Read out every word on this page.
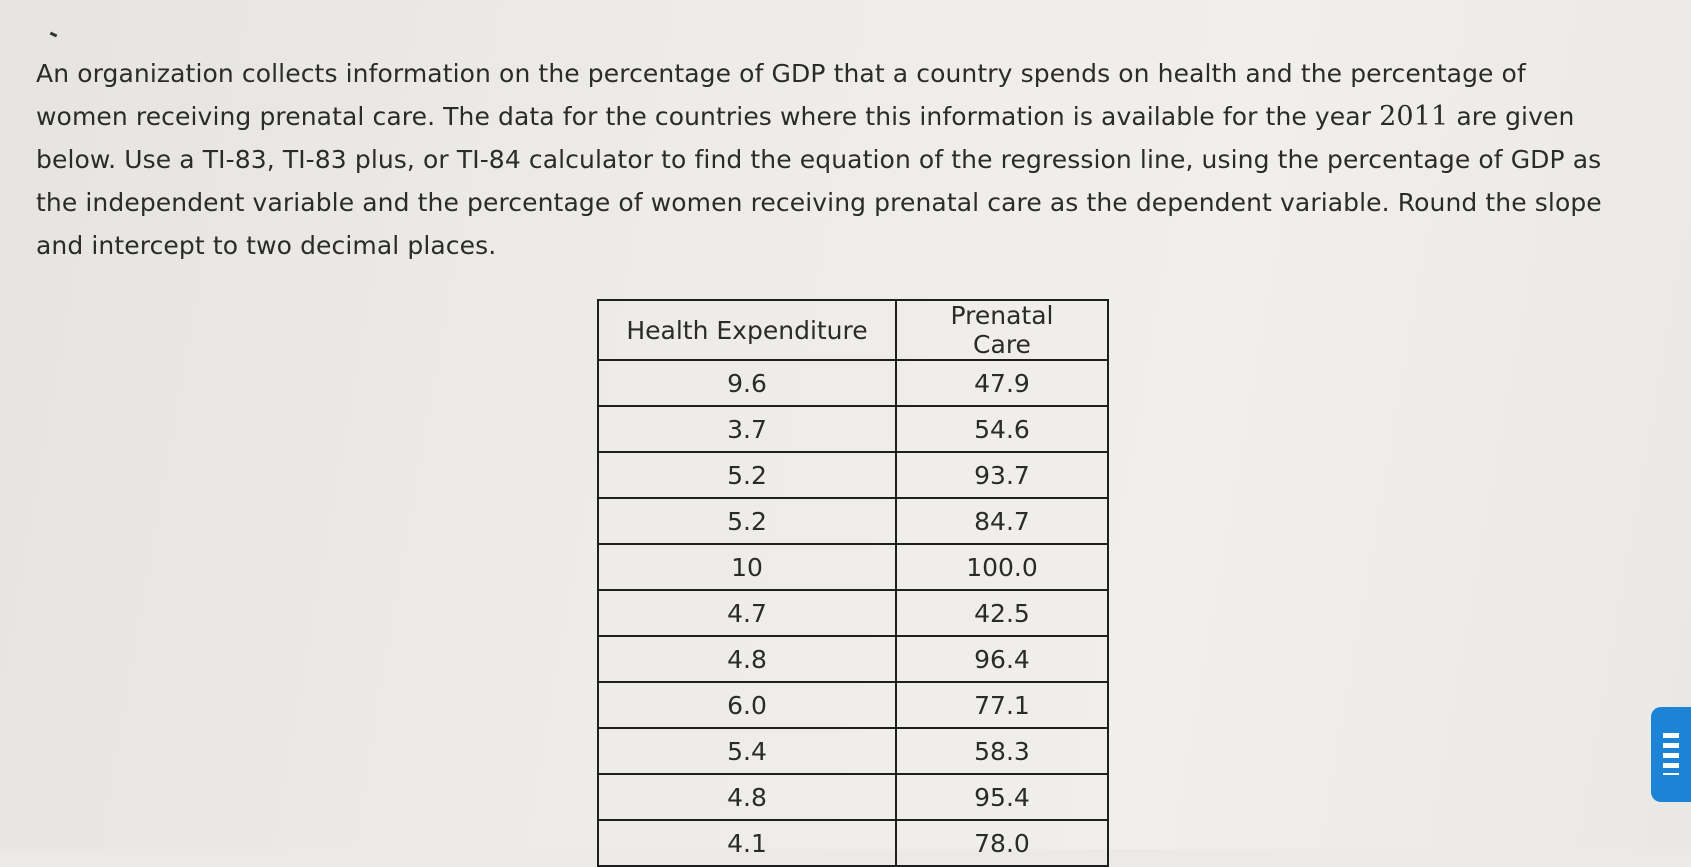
An organization collects information on the percentage of GDP that a country spends on health and the percentage of
women receiving prenatal care. The data for the countries where this information is available for the year 2011 are given
below. Use a TI-83, TI-83 plus, or TI-84 calculator to find the equation of the regression line, using the percentage of GDP as
the independent variable and the percentage of women receiving prenatal care as the dependent variable. Round the slope
and intercept to two decimal places.

Health Expenditure	Prenatal Care
9.6	47.9
3.7	54.6
5.2	93.7
5.2	84.7
10	100.0
4.7	42.5
4.8	96.4
6.0	77.1
5.4	58.3
4.8	95.4
4.1	78.0
